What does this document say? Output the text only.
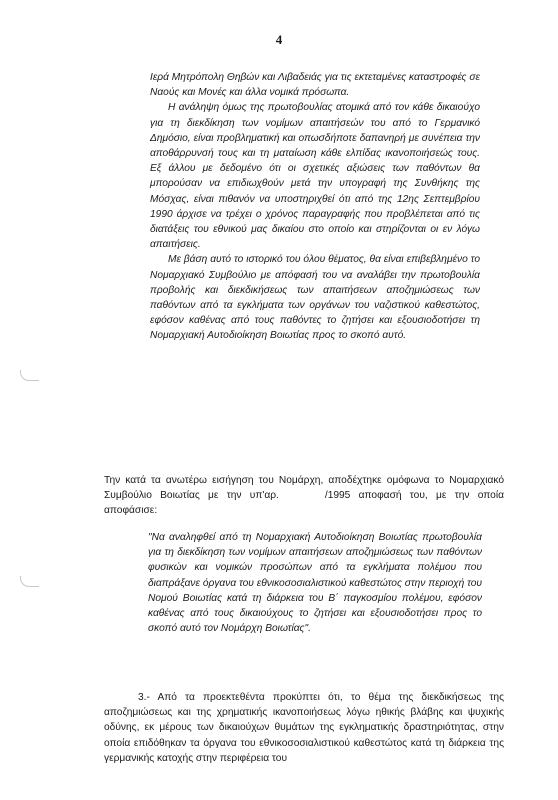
4

Ιερά Μητρόπολη Θηβών και Λιβαδειάς για τις εκτεταμένες καταστροφές σε Ναούς και Μονές και άλλα νομικά πρόσωπα.

Η ανάληψη όμως της πρωτοβουλίας ατομικά από τον κάθε δικαιούχο για τη διεκδίκηση των νομίμων απαιτήσεών του από το Γερμανικό Δημόσιο, είναι προβληματική και οπωσδήποτε δαπανηρή με συνέπεια την αποθάρρυνσή τους και τη ματαίωση κάθε ελπίδας ικανοποιήσεώς τους. Εξ άλλου με δεδομένο ότι οι σχετικές αξιώσεις των παθόντων θα μπορούσαν να επιδιωχθούν μετά την υπογραφή της Συνθήκης της Μόσχας, είναι πιθανόν να υποστηριχθεί ότι από της 12ης Σεπτεμβρίου 1990 άρχισε να τρέχει ο χρόνος παραγραφής που προβλέπεται από τις διατάξεις του εθνικού μας δικαίου στο οποίο και στηρίζονται οι εν λόγω απαιτήσεις.

Με βάση αυτό το ιστορικό του όλου θέματος, θα είναι επιβεβλημένο το Νομαρχιακό Συμβούλιο με απόφασή του να αναλάβει την πρωτοβουλία προβολής και διεκδικήσεως των απαιτήσεων αποζημιώσεως των παθόντων από τα εγκλήματα των οργάνων του ναζιστικού καθεστώτος, εφόσον καθένας από τους παθόντες το ζητήσει και εξουσιοδοτήσει τη Νομαρχιακή Αυτοδιοίκηση Βοιωτίας προς το σκοπό αυτό.

Την κατά τα ανωτέρω εισήγηση του Νομάρχη, αποδέχτηκε ομόφωνα το Νομαρχιακό Συμβούλιο Βοιωτίας με την υπ'αρ.	/1995 αποφασή του, με την οποία αποφάσισε:

"Να αναληφθεί από τη Νομαρχιακή Αυτοδιοίκηση Βοιωτίας πρωτοβουλία για τη διεκδίκηση των νομίμων απαιτήσεων αποζημιώσεως των παθόντων φυσικών και νομικών προσώπων από τα εγκλήματα πολέμου που διαπράξανε όργανα του εθνικοσοσιαλιστικού καθεστώτος στην περιοχή του Νομού Βοιωτίας κατά τη διάρκεια του Β΄ παγκοσμίου πολέμου, εφόσον καθένας από τους δικαιούχους το ζητήσει και εξουσιοδοτήσει προς το σκοπό αυτό τον Νομάρχη Βοιωτίας".

3.- Από τα προεκτεθέντα προκύπτει ότι, το θέμα της διεκδικήσεως της αποζημιώσεως και της χρηματικής ικανοποιήσεως λόγω ηθικής βλάβης και ψυχικής οδύνης, εκ μέρους των δικαιούχων θυμάτων της εγκληματικής δραστηριότητας, στην οποία επιδόθηκαν τα όργανα του εθνικοσοσιαλιστικού καθεστώτος κατά τη διάρκεια της γερμανικής κατοχής στην περιφέρεια του
